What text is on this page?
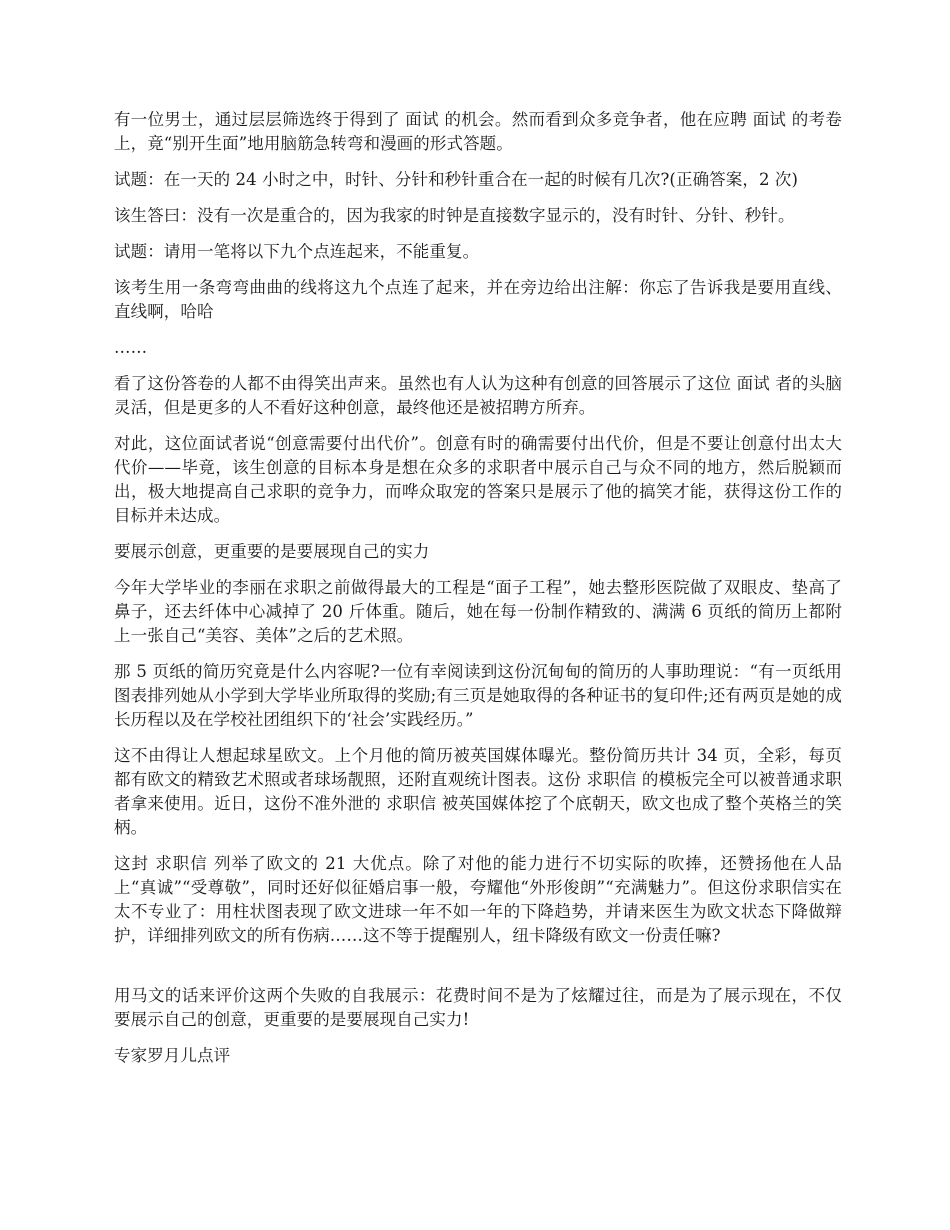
有一位男士，通过层层筛选终于得到了 面试 的机会。然而看到众多竞争者，他在应聘 面试 的考卷上，竟“别开生面”地用脑筋急转弯和漫画的形式答题。

试题：在一天的 24 小时之中，时针、分针和秒针重合在一起的时候有几次?(正确答案，2 次)

该生答曰：没有一次是重合的，因为我家的时钟是直接数字显示的，没有时针、分针、秒针。

试题：请用一笔将以下九个点连起来，不能重复。

该考生用一条弯弯曲曲的线将这九个点连了起来，并在旁边给出注解：你忘了告诉我是要用直线、直线啊，哈哈

……

看了这份答卷的人都不由得笑出声来。虽然也有人认为这种有创意的回答展示了这位 面试 者的头脑灵活，但是更多的人不看好这种创意，最终他还是被招聘方所弃。

对此，这位面试者说“创意需要付出代价”。创意有时的确需要付出代价，但是不要让创意付出太大代价——毕竟，该生创意的目标本身是想在众多的求职者中展示自己与众不同的地方，然后脱颖而出，极大地提高自己求职的竞争力，而哗众取宠的答案只是展示了他的搞笑才能，获得这份工作的目标并未达成。

要展示创意，更重要的是要展现自己的实力

今年大学毕业的李丽在求职之前做得最大的工程是“面子工程”，她去整形医院做了双眼皮、垫高了鼻子，还去纤体中心减掉了 20 斤体重。随后，她在每一份制作精致的、满满 6 页纸的简历上都附上一张自己“美容、美体”之后的艺术照。

那 5 页纸的简历究竟是什么内容呢?一位有幸阅读到这份沉甸甸的简历的人事助理说：“有一页纸用图表排列她从小学到大学毕业所取得的奖励;有三页是她取得的各种证书的复印件;还有两页是她的成长历程以及在学校社团组织下的‘社会’实践经历。”

这不由得让人想起球星欧文。上个月他的简历被英国媒体曝光。整份简历共计 34 页，全彩，每页都有欧文的精致艺术照或者球场靓照，还附直观统计图表。这份 求职信 的模板完全可以被普通求职者拿来使用。近日，这份不准外泄的 求职信 被英国媒体挖了个底朝天，欧文也成了整个英格兰的笑柄。

这封 求职信 列举了欧文的 21 大优点。除了对他的能力进行不切实际的吹捧，还赞扬他在人品上“真诚”“受尊敬”，同时还好似征婚启事一般，夸耀他“外形俊朗”“充满魅力”。但这份求职信实在太不专业了：用柱状图表现了欧文进球一年不如一年的下降趋势，并请来医生为欧文状态下降做辩护，详细排列欧文的所有伤病……这不等于提醒别人，纽卡降级有欧文一份责任嘛?

用马文的话来评价这两个失败的自我展示：花费时间不是为了炫耀过往，而是为了展示现在，不仅要展示自己的创意，更重要的是要展现自己实力!

专家罗月儿点评
